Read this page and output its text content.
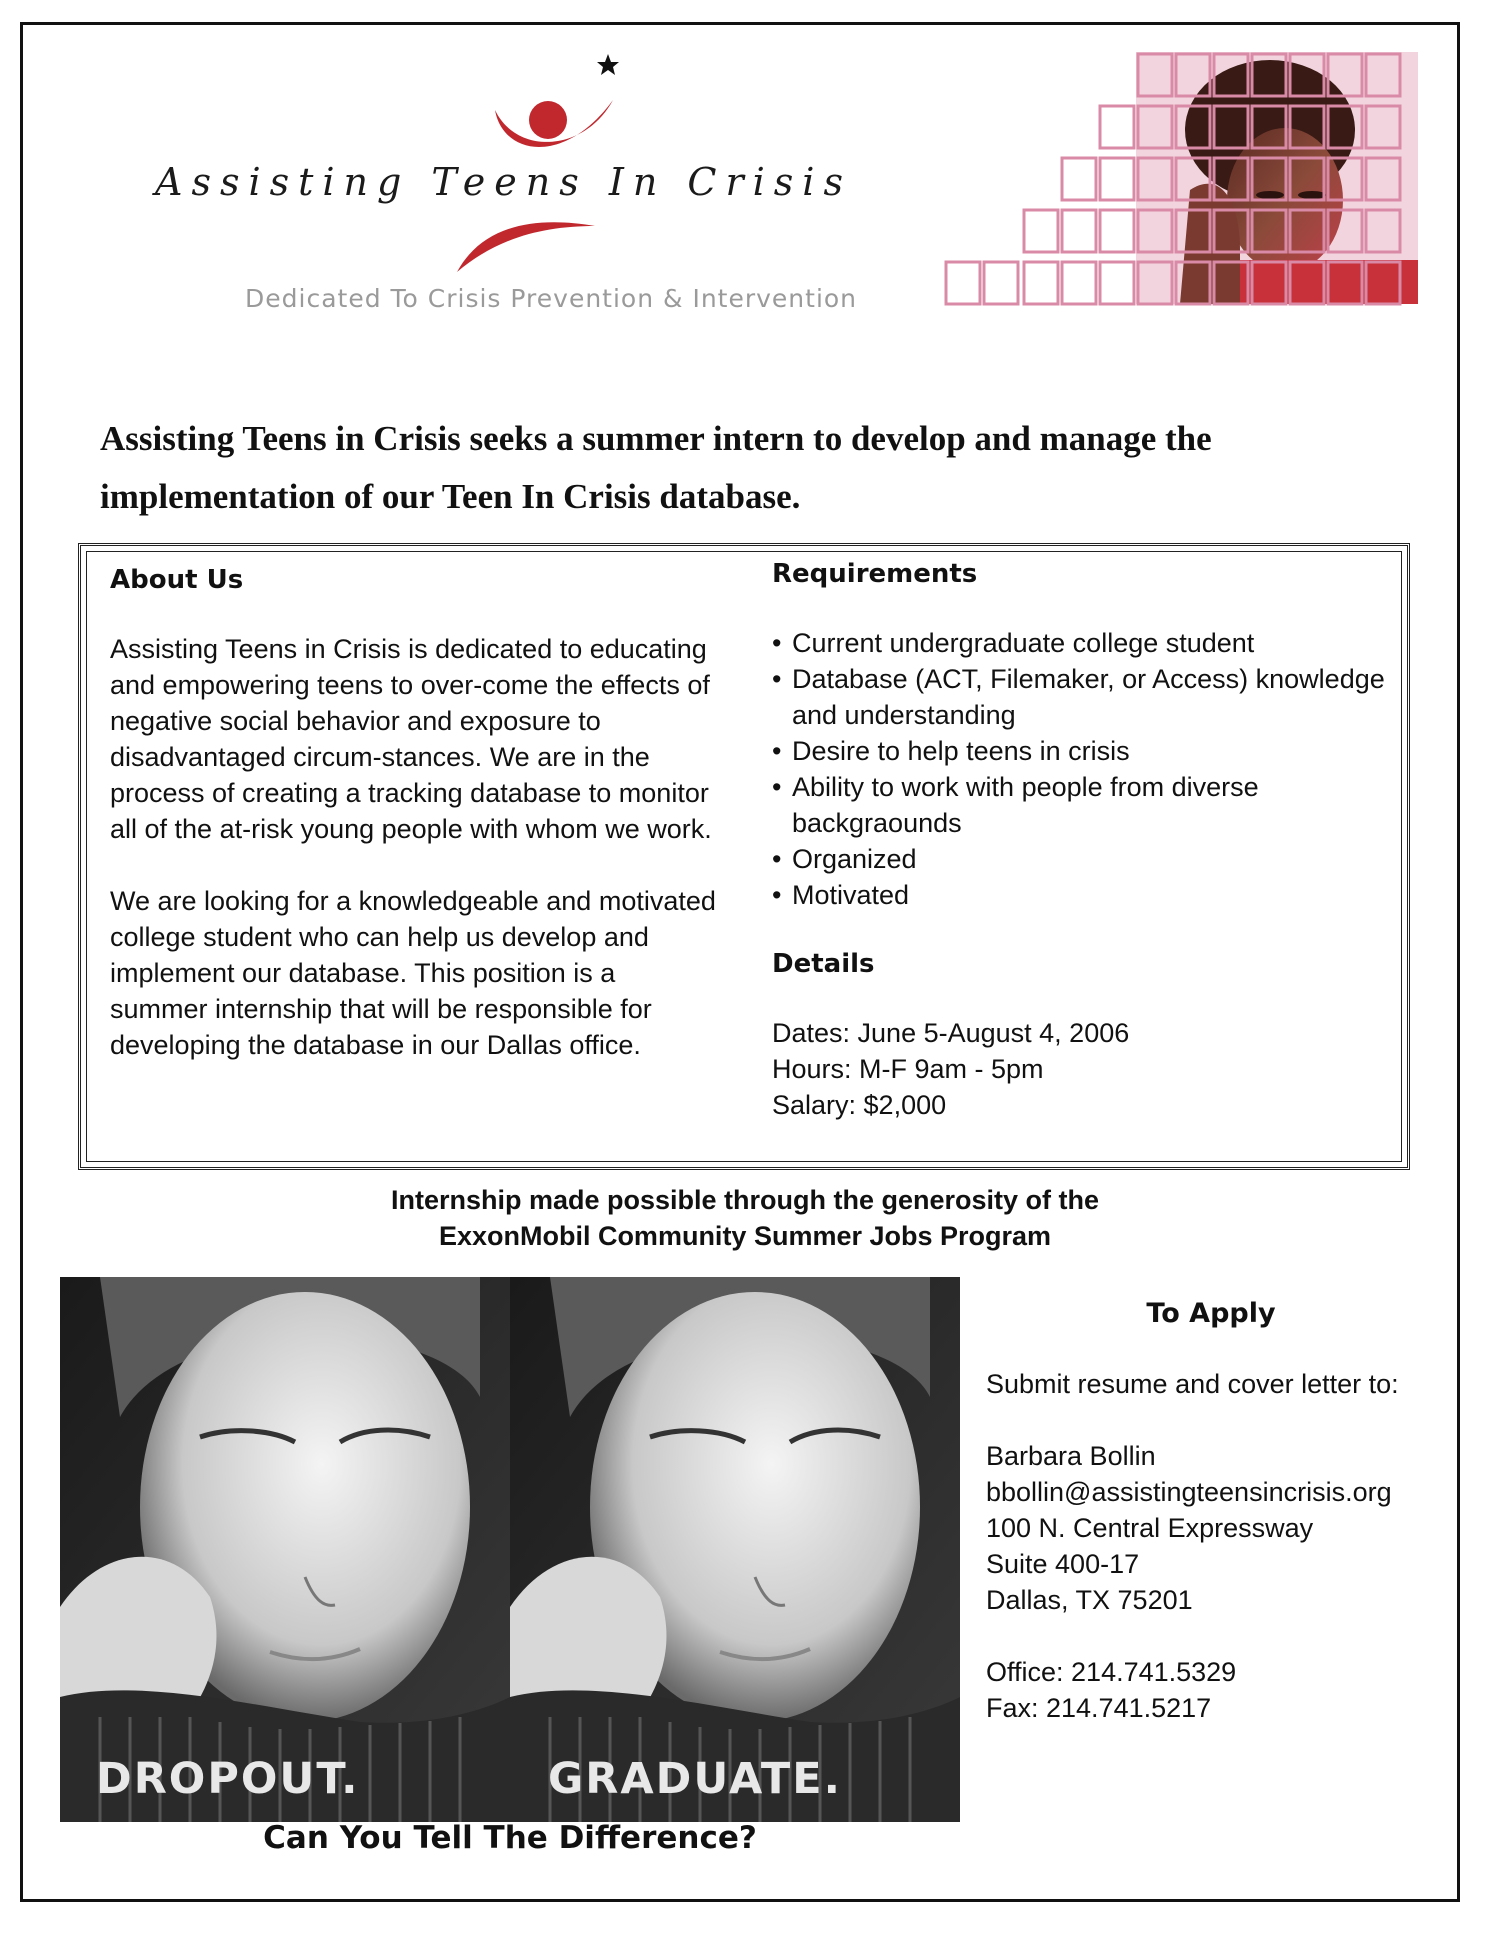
Assisting Teens In Crisis
Dedicated To Crisis Prevention & Intervention
Assisting Teens in Crisis seeks a summer intern to develop and manage the implementation of our Teen In Crisis database.
About Us

Assisting Teens in Crisis is dedicated to educating and empowering teens to over-come the effects of negative social behavior and exposure to disadvantaged circum-stances. We are in the process of creating a tracking database to monitor all of the at-risk young people with whom we work.

We are looking for a knowledgeable and motivated college student who can help us develop and implement our database. This position is a summer internship that will be responsible for developing the database in our Dallas office.

Requirements
• Current undergraduate college student
• Database (ACT, Filemaker, or Access) knowledge and understanding
• Desire to help teens in crisis
• Ability to work with people from diverse backgraounds
• Organized
• Motivated
Details
Dates: June 5-August 4, 2006
Hours: M-F 9am - 5pm
Salary: $2,000
Internship made possible through the generosity of the
ExxonMobil Community Summer Jobs Program
DROPOUT.	GRADUATE.
Can You Tell The Difference?
To Apply

Submit resume and cover letter to:

Barbara Bollin
bbollin@assistingteensincrisis.org
100 N. Central Expressway
Suite 400-17
Dallas, TX 75201
Office: 214.741.5329
Fax: 214.741.5217
